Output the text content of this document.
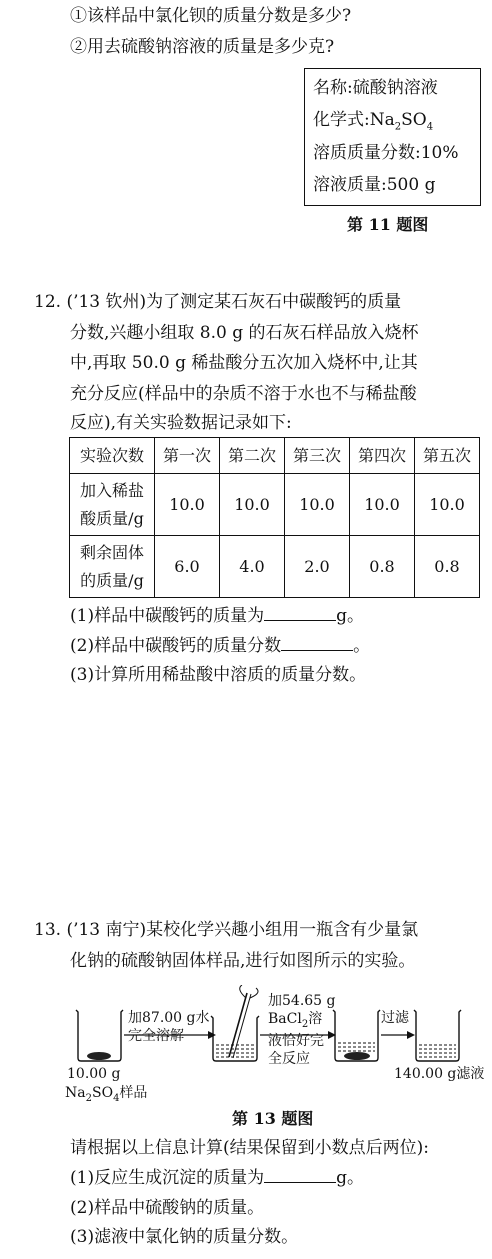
①该样品中氯化钡的质量分数是多少?
②用去硫酸钠溶液的质量是多少克?
名称:硫酸钠溶液
化学式$:Na_2SO_4$
溶质质量分数:10%
溶液质量:500 g
第 11 题图
12. (’13 钦州)为了测定某石灰石中碳酸钙的质量
分数,兴趣小组取 8.0 g 的石灰石样品放入烧杯
中,再取 50.0 g 稀盐酸分五次加入烧杯中,让其
充分反应(样品中的杂质不溶于水也不与稀盐酸
反应),有关实验数据记录如下:
实验次数	第一次	第二次	第三次	第四次	第五次

加入稀盐
酸质量/g	10.0	10.0	10.0	10.0	10.0

剩余固体
的质量/g	6.0	4.0	2.0	0.8	0.8
(1)样品中碳酸钙的质量为	g。
(2)样品中碳酸钙的质量分数	。
(3)计算所用稀盐酸中溶质的质量分数。
13. (’13 南宁)某校化学兴趣小组用一瓶含有少量氯
化钠的硫酸钠固体样品,进行如图所示的实验。
加87.00 g水
完全溶解
加54.65 g
BaCl$_2$溶
液恰好完
全反应
过滤
10.00 g
$Na_2SO_4$样品
140.00 g滤液
第 13 题图
请根据以上信息计算(结果保留到小数点后两位):
(1)反应生成沉淀的质量为	g。
(2)样品中硫酸钠的质量。
(3)滤液中氯化钠的质量分数。
